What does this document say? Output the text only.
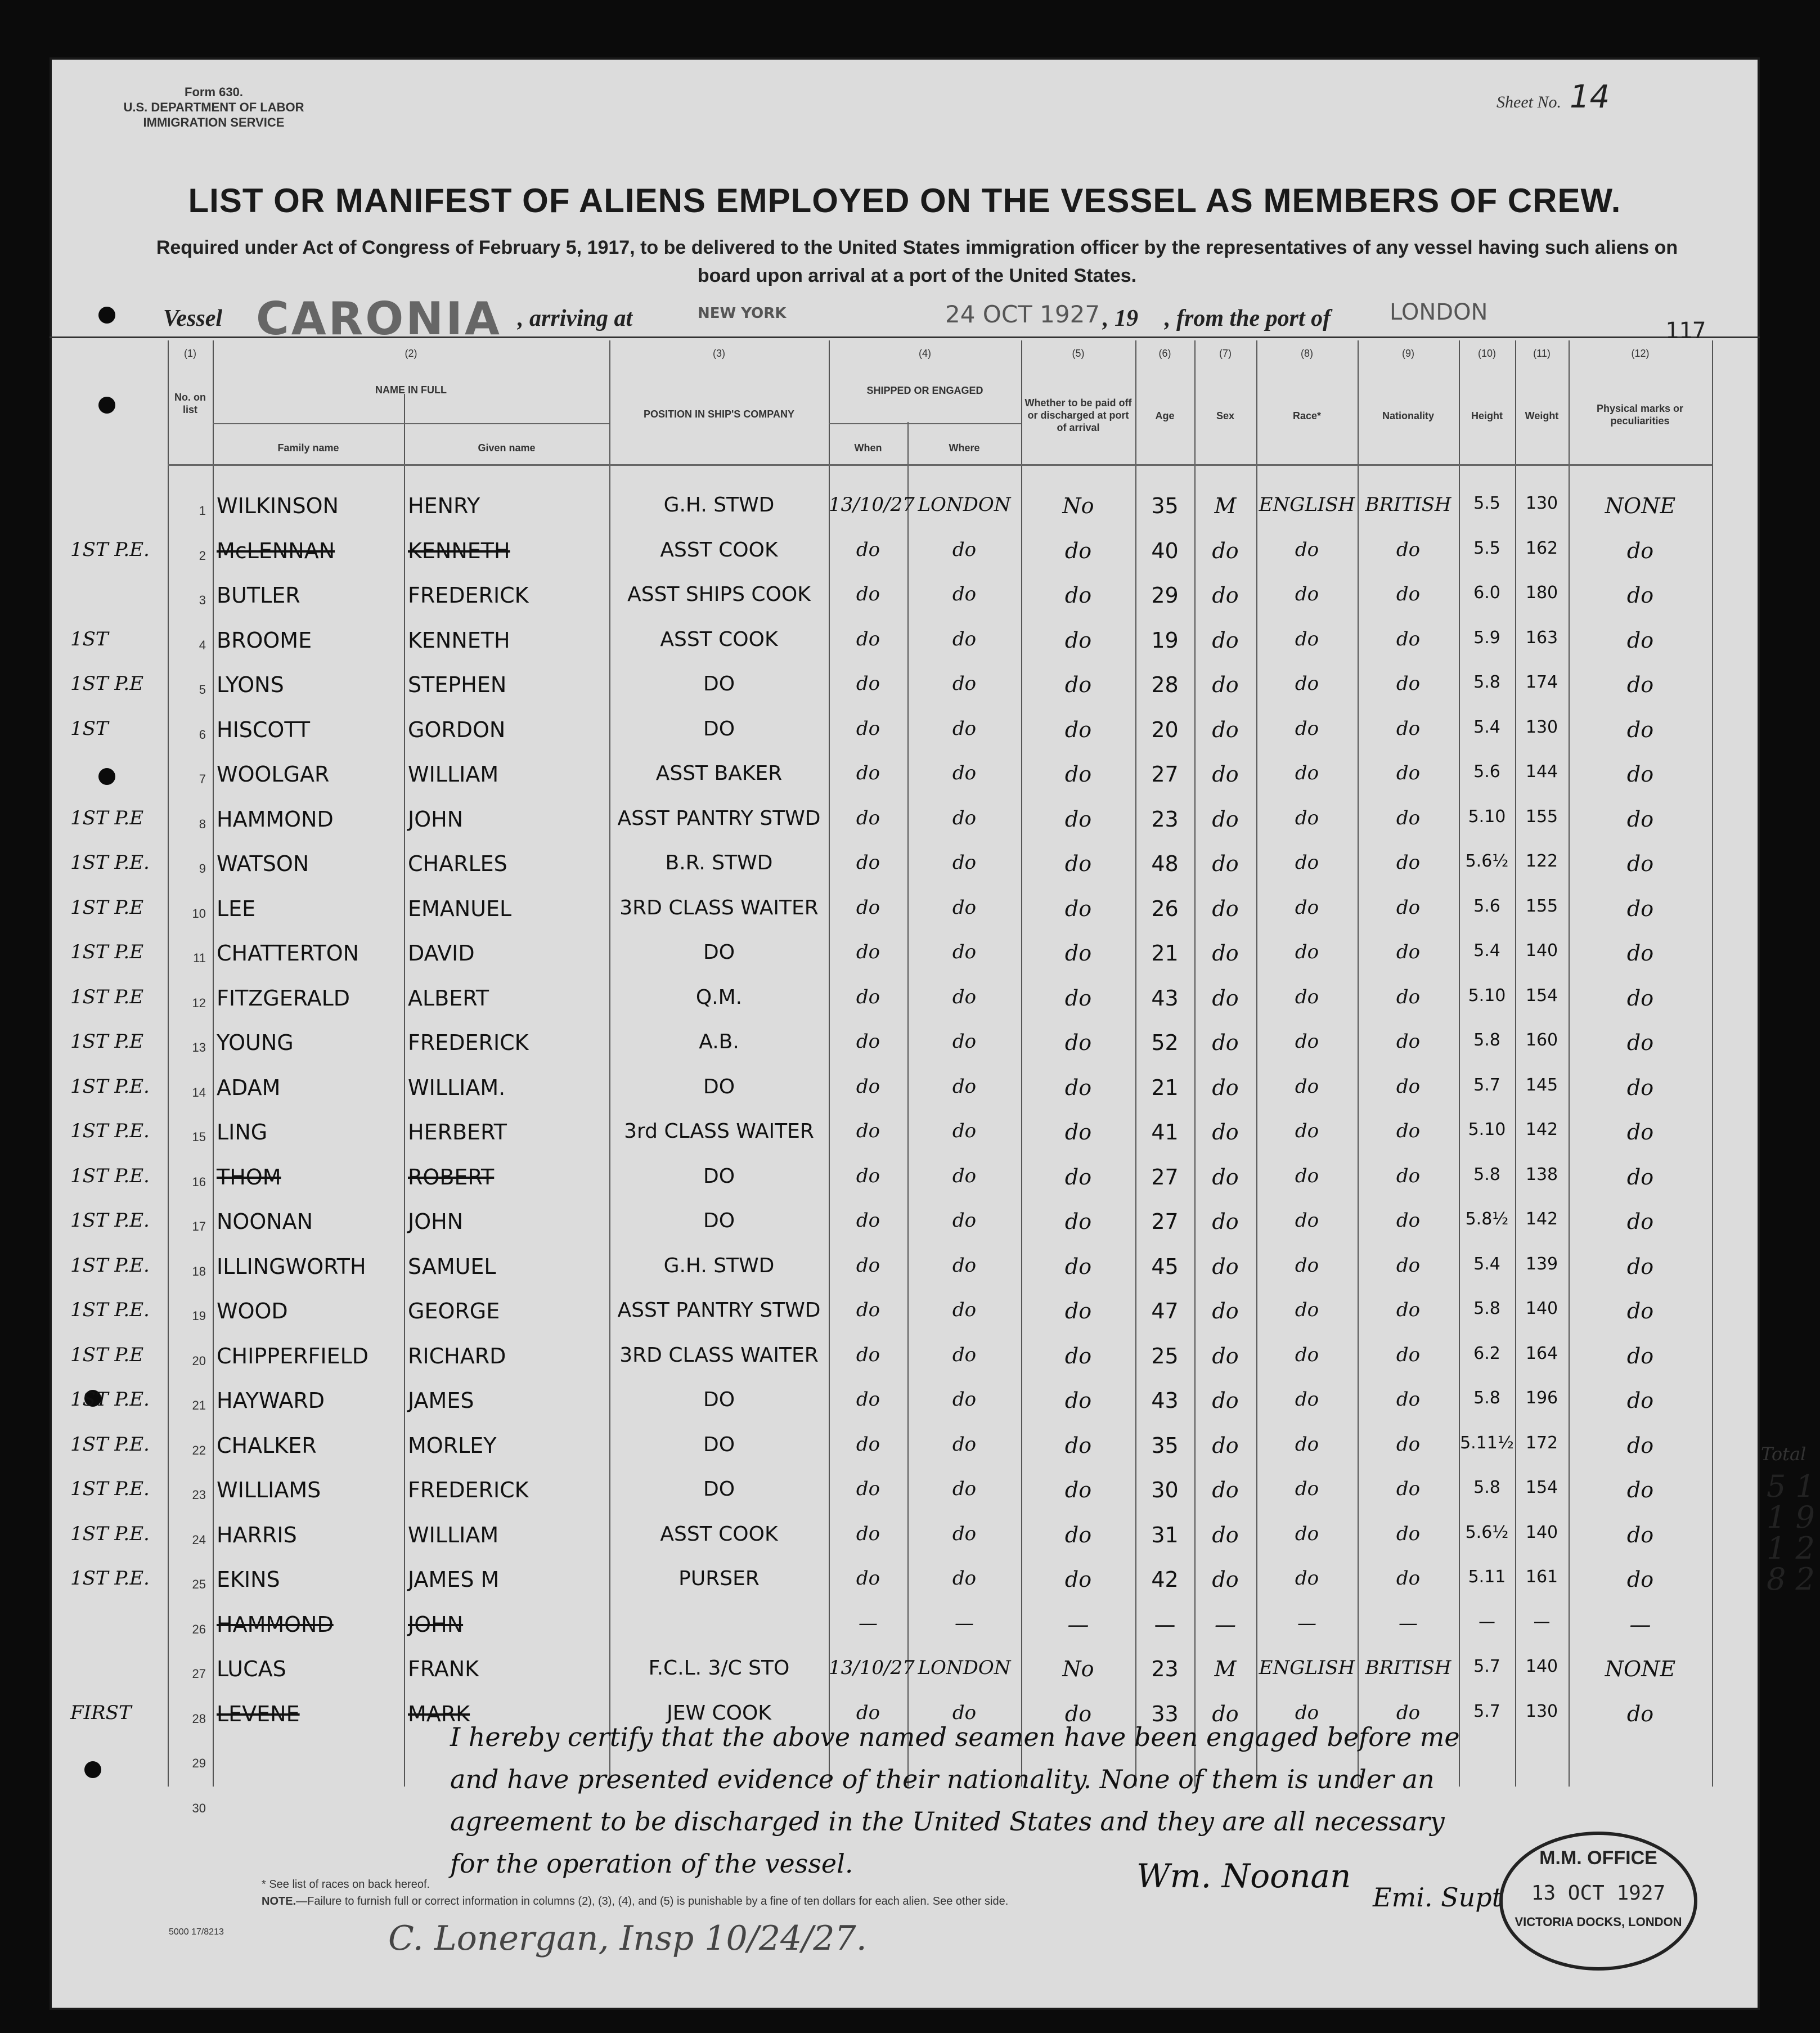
Form 630.
U.S. DEPARTMENT OF LABOR
IMMIGRATION SERVICE
Sheet No. 14
LIST OR MANIFEST OF ALIENS EMPLOYED ON THE VESSEL AS MEMBERS OF CREW.
Required under Act of Congress of February 5, 1917, to be delivered to the United States immigration officer by the representatives of any vessel having such aliens on board upon arrival at a port of the United States.
Vessel CARONIA , arriving at	NEW YORK	24 OCT 1927 , 19 , from the port of	LONDON
117
(1)	(2)	(3)	(4)	(5)	(6)	(7)	(8)	(9)	(10)	(11)	(12)
No. on list
NAME IN FULL
Family name	Given name
POSITION IN SHIP'S COMPANY
SHIPPED OR ENGAGED
When	Where
Whether to be paid off or discharged at port of arrival
Age	Sex	Race*	Nationality	Height	Weight
Physical marks or peculiarities
1 WILKINSON	HENRY	G.H. STWD	13/10/27 LONDON	No	35	M	ENGLISH BRITISH	5.5	130	NONE
1ST P.E.	2 McLENNAN	KENNETH	ASST COOK	do	do	do	40	do	do	do	5.5	162	do
3 BUTLER	FREDERICK	ASST SHIPS COOK	do	do	do	29	do	do	do	6.0	180	do
1ST	4 BROOME	KENNETH	ASST COOK	do	do	do	19	do	do	do	5.9	163	do
1ST P.E	5 LYONS	STEPHEN	DO	do	do	do	28	do	do	do	5.8	174	do
1ST	6 HISCOTT	GORDON	DO	do	do	do	20	do	do	do	5.4	130	do
7 WOOLGAR	WILLIAM	ASST BAKER	do	do	do	27	do	do	do	5.6	144	do
1ST P.E	8 HAMMOND	JOHN	ASST PANTRY STWD	do	do	do	23	do	do	do	5.10	155	do
1ST P.E.	9 WATSON	CHARLES	B.R. STWD	do	do	do	48	do	do	do	5.6½	122	do
1ST P.E	10 LEE	EMANUEL	3RD CLASS WAITER	do	do	do	26	do	do	do	5.6	155	do
1ST P.E	11 CHATTERTON	DAVID	DO	do	do	do	21	do	do	do	5.4	140	do
1ST P.E	12 FITZGERALD	ALBERT	Q.M.	do	do	do	43	do	do	do	5.10	154	do
1ST P.E	13 YOUNG	FREDERICK	A.B.	do	do	do	52	do	do	do	5.8	160	do
1ST P.E.	14 ADAM	WILLIAM.	DO	do	do	do	21	do	do	do	5.7	145	do
1ST P.E.	15 LING	HERBERT	3rd CLASS WAITER	do	do	do	41	do	do	do	5.10	142	do
1ST P.E.	16 THOM	ROBERT	DO	do	do	do	27	do	do	do	5.8	138	do
1ST P.E.	17 NOONAN	JOHN	DO	do	do	do	27	do	do	do	5.8½	142	do
1ST P.E.	18 ILLINGWORTH	SAMUEL	G.H. STWD	do	do	do	45	do	do	do	5.4	139	do
1ST P.E.	19 WOOD	GEORGE	ASST PANTRY STWD	do	do	do	47	do	do	do	5.8	140	do
1ST P.E	20 CHIPPERFIELD	RICHARD	3RD CLASS WAITER	do	do	do	25	do	do	do	6.2	164	do
1ST P.E.	21 HAYWARD	JAMES	DO	do	do	do	43	do	do	do	5.8	196	do
1ST P.E.	22 CHALKER	MORLEY	DO	do	do	do	35	do	do	do	5.11½ 172	do
1ST P.E.	23 WILLIAMS	FREDERICK	DO	do	do	do	30	do	do	do	5.8	154	do
1ST P.E.	24 HARRIS	WILLIAM	ASST COOK	do	do	do	31	do	do	do	5.6½	140	do
1ST P.E.	25 EKINS	JAMES M	PURSER	do	do	do	42	do	do	do	5.11	161	do
26 HAMMOND	JOHN	—	—	—	—	—	—	—	—	—	—
27 LUCAS	FRANK	F.C.L. 3/C STO	13/10/27 LONDON	No	23	M	ENGLISH BRITISH	5.7	140	NONE
FIRST	28 LEVENE	MARK	JEW COOK	do	do	do	33	do	do	do	5.7	130	do
29
30
I hereby certify that the above named seamen have been engaged before me
and have presented evidence of their nationality. None of them is under an
agreement to be discharged in the United States and they are all necessary
for the operation of the vessel.
* See list of races on back hereof.
NOTE.—Failure to furnish full or correct information in columns (2), (3), (4), and (5) is punishable by a fine of ten dollars for each alien. See other side.
5000 17/8213	C. Lonergan, Insp 10/24/27.
Wm. Noonan
Emi. Supt
M.M. OFFICE
13 OCT 1927
VICTORIA DOCKS, LONDON
Total
5 1
1 9
1 2
8 2
